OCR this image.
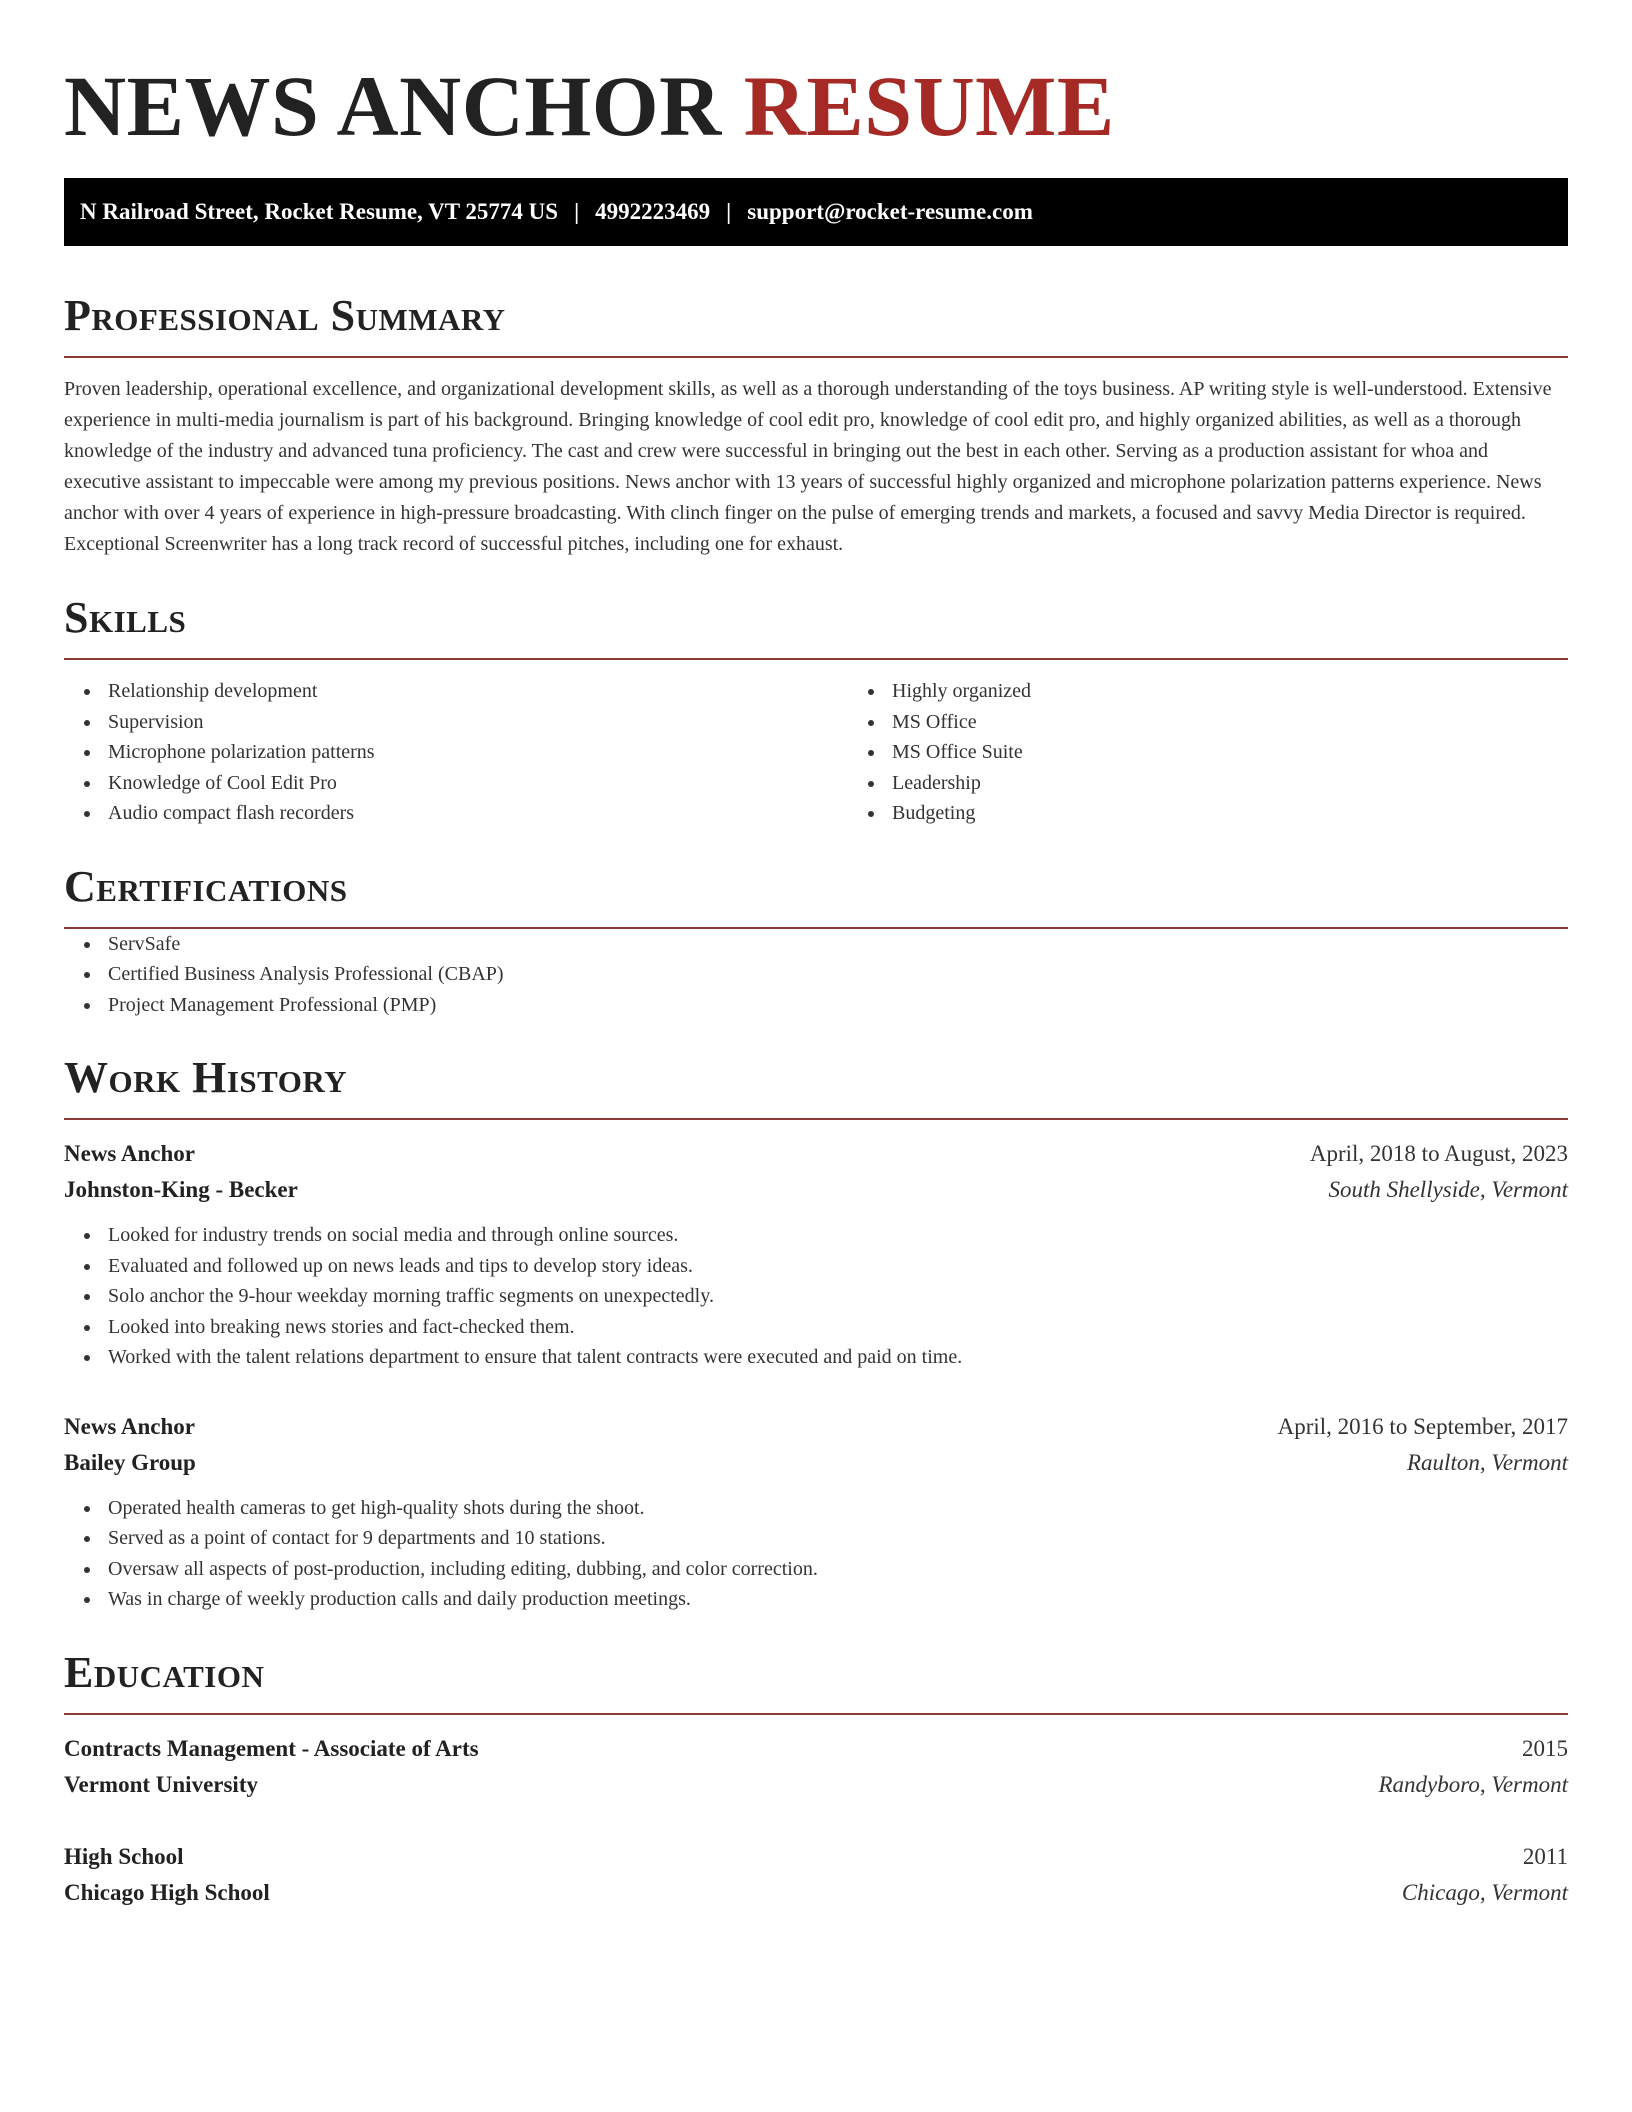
NEWS ANCHOR RESUME
N Railroad Street, Rocket Resume, VT 25774 US | 4992223469 | support@rocket-resume.com
Professional Summary

Proven leadership, operational excellence, and organizational development skills, as well as a thorough understanding of the toys business. AP writing style is well-understood. Extensive experience in multi-media journalism is part of his background. Bringing knowledge of cool edit pro, knowledge of cool edit pro, and highly organized abilities, as well as a thorough knowledge of the industry and advanced tuna proficiency. The cast and crew were successful in bringing out the best in each other. Serving as a production assistant for whoa and executive assistant to impeccable were among my previous positions. News anchor with 13 years of successful highly organized and microphone polarization patterns experience. News anchor with over 4 years of experience in high-pressure broadcasting. With clinch finger on the pulse of emerging trends and markets, a focused and savvy Media Director is required. Exceptional Screenwriter has a long track record of successful pitches, including one for exhaust.

Skills
Relationship development
Supervision
Microphone polarization patterns
Knowledge of Cool Edit Pro
Audio compact flash recorders
Highly organized
MS Office
MS Office Suite
Leadership
Budgeting
Certifications
ServSafe
Certified Business Analysis Professional (CBAP)
Project Management Professional (PMP)
Work History
News Anchor	April, 2018 to August, 2023
Johnston-King - Becker	South Shellyside, Vermont
Looked for industry trends on social media and through online sources.
Evaluated and followed up on news leads and tips to develop story ideas.
Solo anchor the 9-hour weekday morning traffic segments on unexpectedly.
Looked into breaking news stories and fact-checked them.
Worked with the talent relations department to ensure that talent contracts were executed and paid on time.
News Anchor	April, 2016 to September, 2017
Bailey Group	Raulton, Vermont
Operated health cameras to get high-quality shots during the shoot.
Served as a point of contact for 9 departments and 10 stations.
Oversaw all aspects of post-production, including editing, dubbing, and color correction.
Was in charge of weekly production calls and daily production meetings.
Education
Contracts Management - Associate of Arts	2015
Vermont University	Randyboro, Vermont
High School	2011
Chicago High School	Chicago, Vermont
